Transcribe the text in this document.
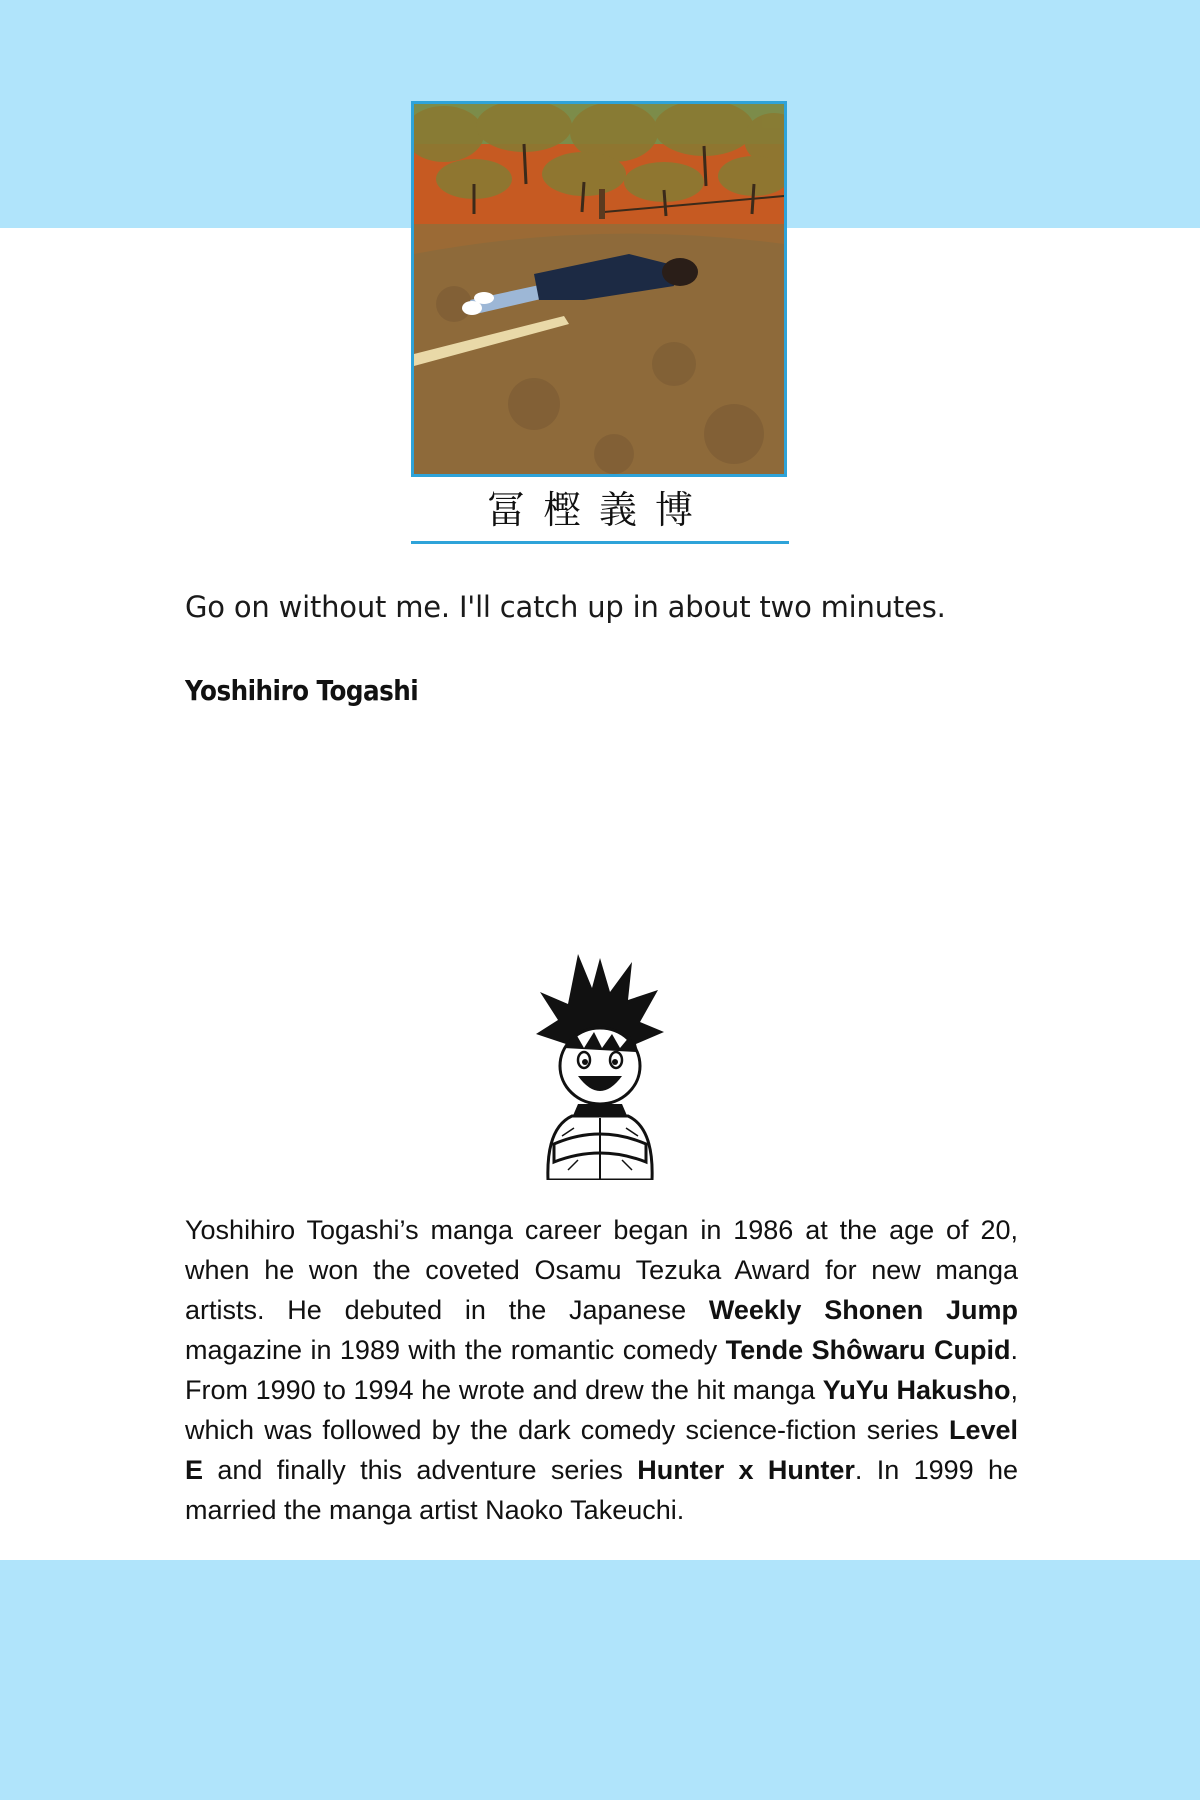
冨樫義博
Go on without me. I'll catch up in about two minutes.
Yoshihiro Togashi
Yoshihiro Togashi’s manga career began in 1986 at the age of 20, when he won the coveted Osamu Tezuka Award for new manga artists. He debuted in the Japanese Weekly Shonen Jump magazine in 1989 with the romantic comedy Tende Shôwaru Cupid. From 1990 to 1994 he wrote and drew the hit manga YuYu Hakusho, which was followed by the dark comedy science-fiction series Level E and finally this adventure series Hunter x Hunter. In 1999 he married the manga artist Naoko Takeuchi.
